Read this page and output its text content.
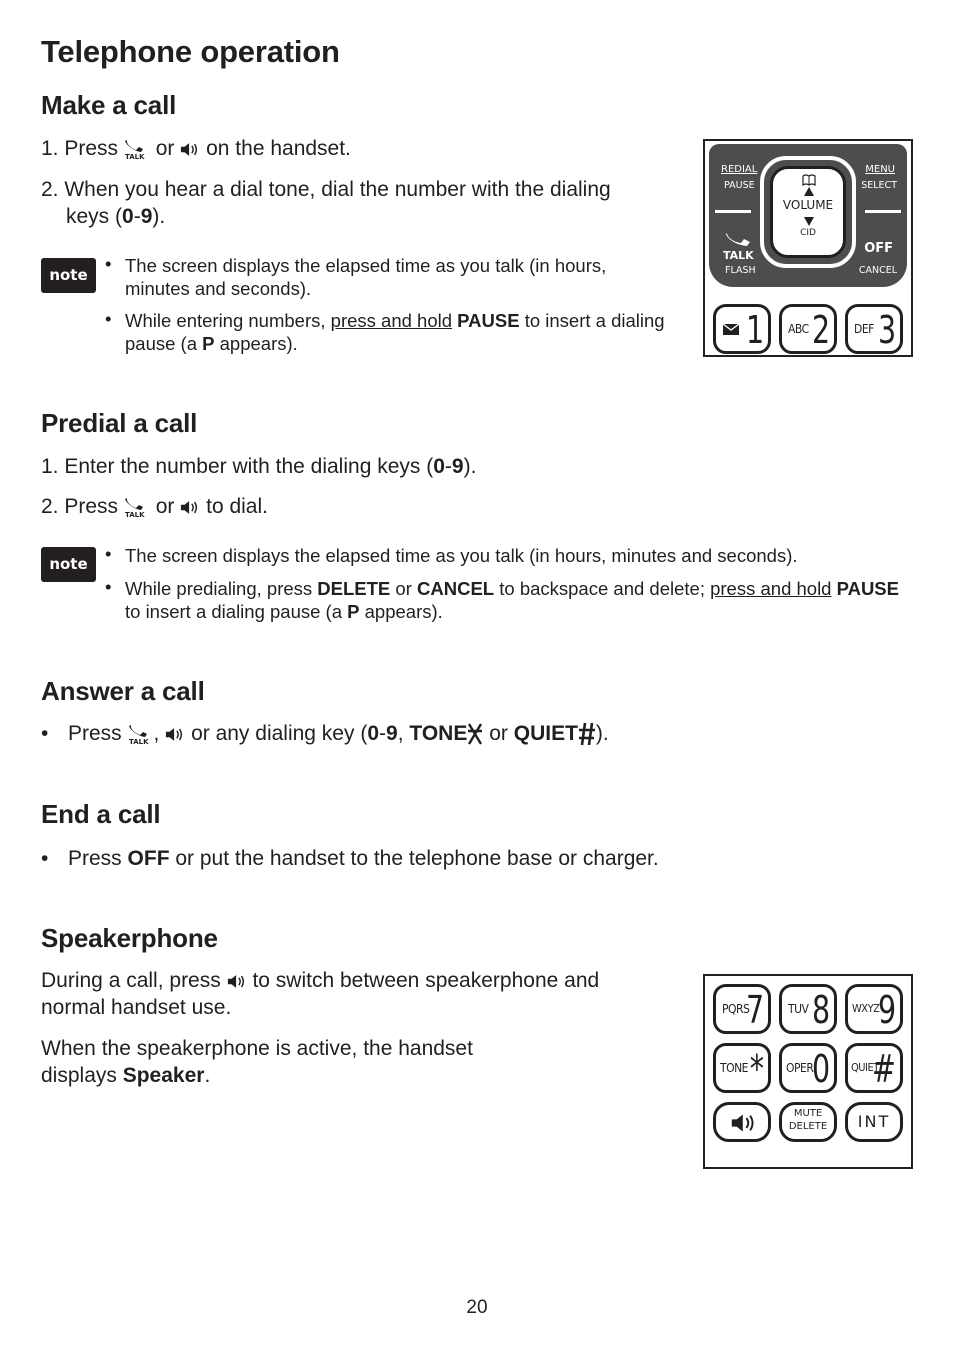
Telephone operation
Make a call
1. Press or on the handset.
2. When you hear a dial tone, dial the number with the dialing
keys (0-9).
note
• The screen displays the elapsed time as you talk (in hours, minutes and seconds).
• While entering numbers, press and hold PAUSE to insert a dialing pause (a P appears).
REDIAL
PAUSE
MENU
SELECT
TALK
FLASH
OFF
CANCEL
VOLUME
CID
1 ABC 2 DEF 3
Predial a call
1. Enter the number with the dialing keys (0-9).
2. Press or to dial.
note • The screen displays the elapsed time as you talk (in hours, minutes and seconds).
• While predialing, press DELETE or CANCEL to backspace and delete; press and hold PAUSE to insert a dialing pause (a P appears).
Answer a call
• Press , or any dialing key (0-9, TONE or QUIET ).
End a call
• Press OFF or put the handset to the telephone base or charger.
Speakerphone
During a call, press to switch between speakerphone and
normal handset use.
When the speakerphone is active, the handset
displays Speaker.
PQRS
7 TUV 8 WXYZ
9
TONE * OPER
0 QUIET
#
MUTE
DELETE	INT
20
